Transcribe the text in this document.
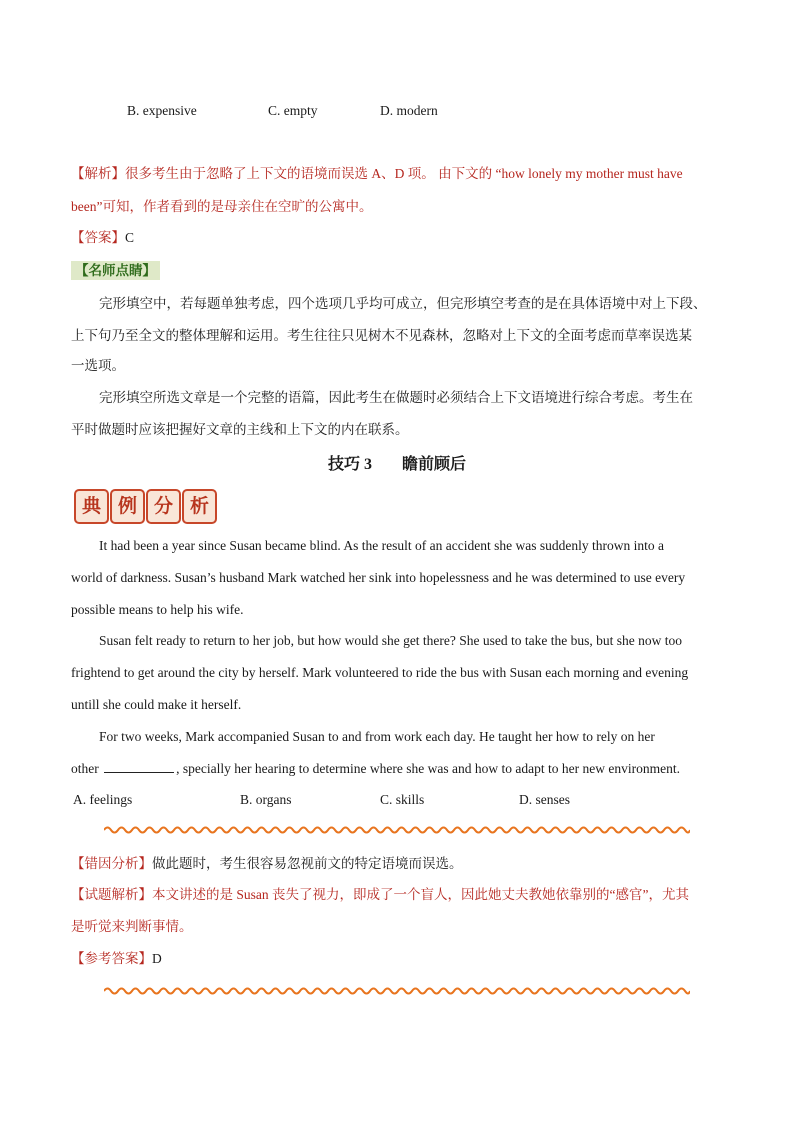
B. expensive	C. empty	D. modern
【解析】很多考生由于忽略了上下文的语境而误选 A、D 项。 由下文的 “how lonely my mother must have
been”可知，作者看到的是母亲住在空旷的公寓中。
【答案】C
【名师点睛】
完形填空中，若每题单独考虑，四个选项几乎均可成立，但完形填空考查的是在具体语境中对上下段、
上下句乃至全文的整体理解和运用。考生往往只见树木不见森林，忽略对上下文的全面考虑而草率误选某
一选项。
完形填空所选文章是一个完整的语篇，因此考生在做题时必须结合上下文语境进行综合考虑。考生在
平时做题时应该把握好文章的主线和上下文的内在联系。
技巧 3 瞻前顾后
典 例 分 析
It had been a year since Susan became blind. As the result of an accident she was suddenly thrown into a
world of darkness. Susan’s husband Mark watched her sink into hopelessness and he was determined to use every
possible means to help his wife.
Susan felt ready to return to her job, but how would she get there? She used to take the bus, but she now too
frightend to get around the city by herself. Mark volunteered to ride the bus with Susan each morning and evening
untill she could make it herself.
For two weeks, Mark accompanied Susan to and from work each day. He taught her how to rely on her
other	, specially her hearing to determine where she was and how to adapt to her new environment.
A. feelings	B. organs	C. skills	D. senses
【错因分析】做此题时，考生很容易忽视前文的特定语境而误选。
【试题解析】本文讲述的是 Susan 丧失了视力，即成了一个盲人，因此她丈夫教她依靠别的“感官”，尤其
是听觉来判断事情。
【参考答案】D
